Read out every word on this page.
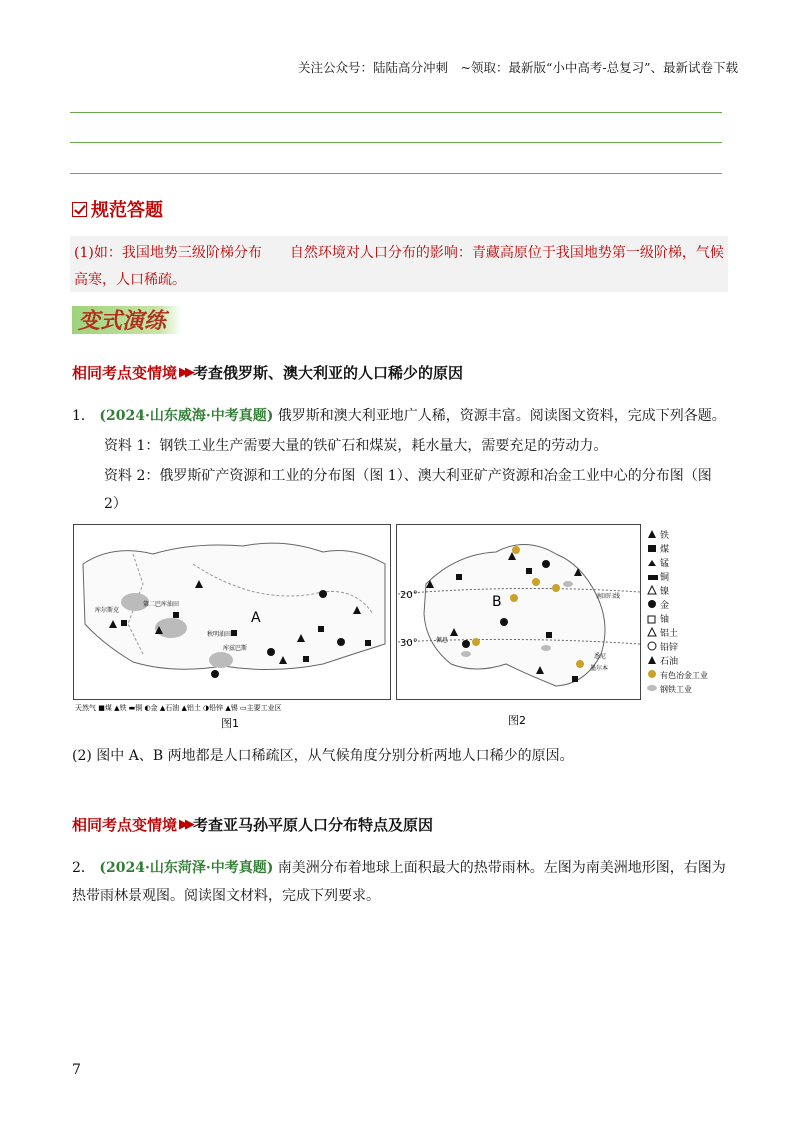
关注公众号：陆陆高分冲刺　~领取：最新版“小中高考-总复习”、最新试卷下载
规范答题
(1)如：我国地势三级阶梯分布　　自然环境对人口分布的影响：青藏高原位于我国地势第一级阶梯，气候高寒，人口稀疏。
变式演练
相同考点变情境 ▶▶ 考查俄罗斯、澳大利亚的人口稀少的原因
1． (2024·山东威海·中考真题) 俄罗斯和澳大利亚地广人稀，资源丰富。阅读图文资料，完成下列各题。
资料 1：钢铁工业生产需要大量的铁矿石和煤炭，耗水量大，需要充足的劳动力。
资料 2：俄罗斯矿产资源和工业的分布图（图 1）、澳大利亚矿产资源和冶金工业中心的分布图（图 2）
A
库尔斯克
第二巴库油田
秋明油田
库兹巴斯
天然气 ■煤 ▲铁 ▬铜 ◐金 ▲石油 ▲铝土 ◑铅锌 ▲锡 ▭主要工业区
图1
20°
30°
B	南回归线
佩思
悉尼
墨尔本
铁
煤
锰
铜
镍
金
铀
铝土
铅锌
石油
有色冶金工业
钢铁工业
图2
(2) 图中 A、B 两地都是人口稀疏区，从气候角度分别分析两地人口稀少的原因。
相同考点变情境 ▶▶ 考查亚马孙平原人口分布特点及原因
2． (2024·山东菏泽·中考真题) 南美洲分布着地球上面积最大的热带雨林。左图为南美洲地形图，右图为热带雨林景观图。阅读图文材料，完成下列要求。
7
